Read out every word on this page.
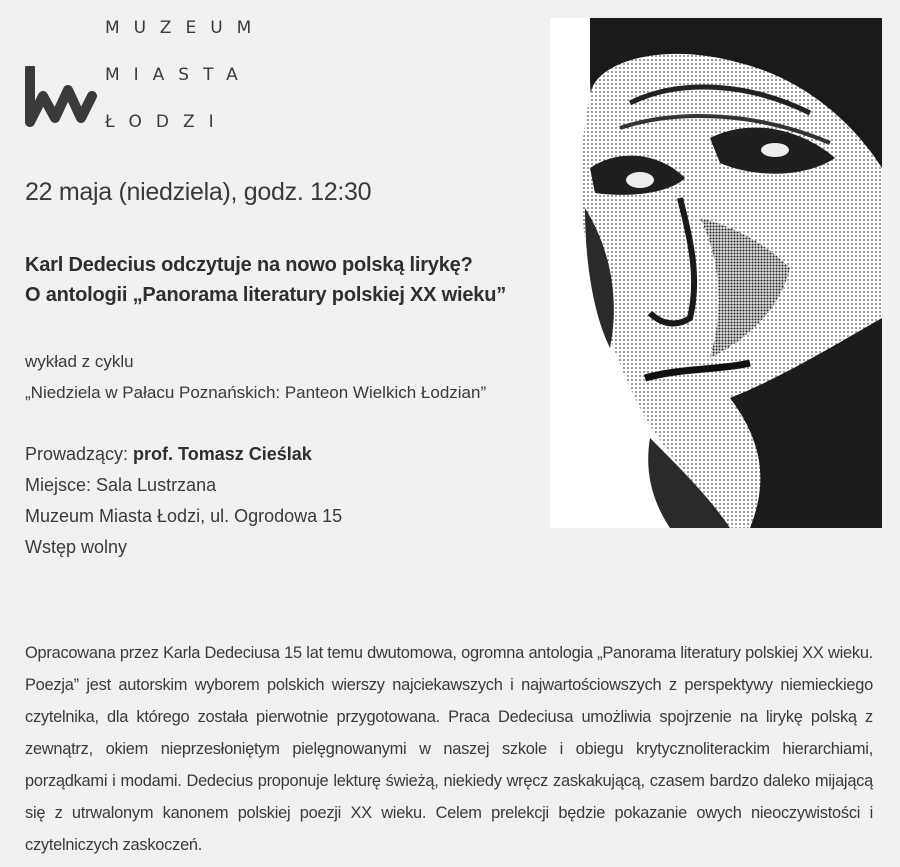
MUZEUM
MIASTA
ŁODZI
22 maja (niedziela), godz. 12:30
Karl Dedecius odczytuje na nowo polską lirykę?
O antologii „Panorama literatury polskiej XX wieku”
wykład z cyklu
„Niedziela w Pałacu Poznańskich: Panteon Wielkich Łodzian”
Prowadzący: prof. Tomasz Cieślak
Miejsce: Sala Lustrzana
Muzeum Miasta Łodzi, ul. Ogrodowa 15
Wstęp wolny
Opracowana przez Karla Dedeciusa 15 lat temu dwutomowa, ogromna antologia „Panorama literatury polskiej XX wieku. Poezja” jest autorskim wyborem polskich wierszy najciekawszych i najwartościowszych z perspektywy niemieckiego czytelnika, dla którego została pierwotnie przygotowana. Praca Dedeciusa umożliwia spojrzenie na lirykę polską z zewnątrz, okiem nieprzesłoniętym pielęgnowanymi w naszej szkole i obiegu krytycznoliterackim hierarchiami, porządkami i modami. Dedecius proponuje lekturę świeżą, niekiedy wręcz zaskakującą, czasem bardzo daleko mijającą się z utrwalonym kanonem polskiej poezji XX wieku. Celem prelekcji będzie pokazanie owych nieoczywistości i czytelniczych zaskoczeń.
